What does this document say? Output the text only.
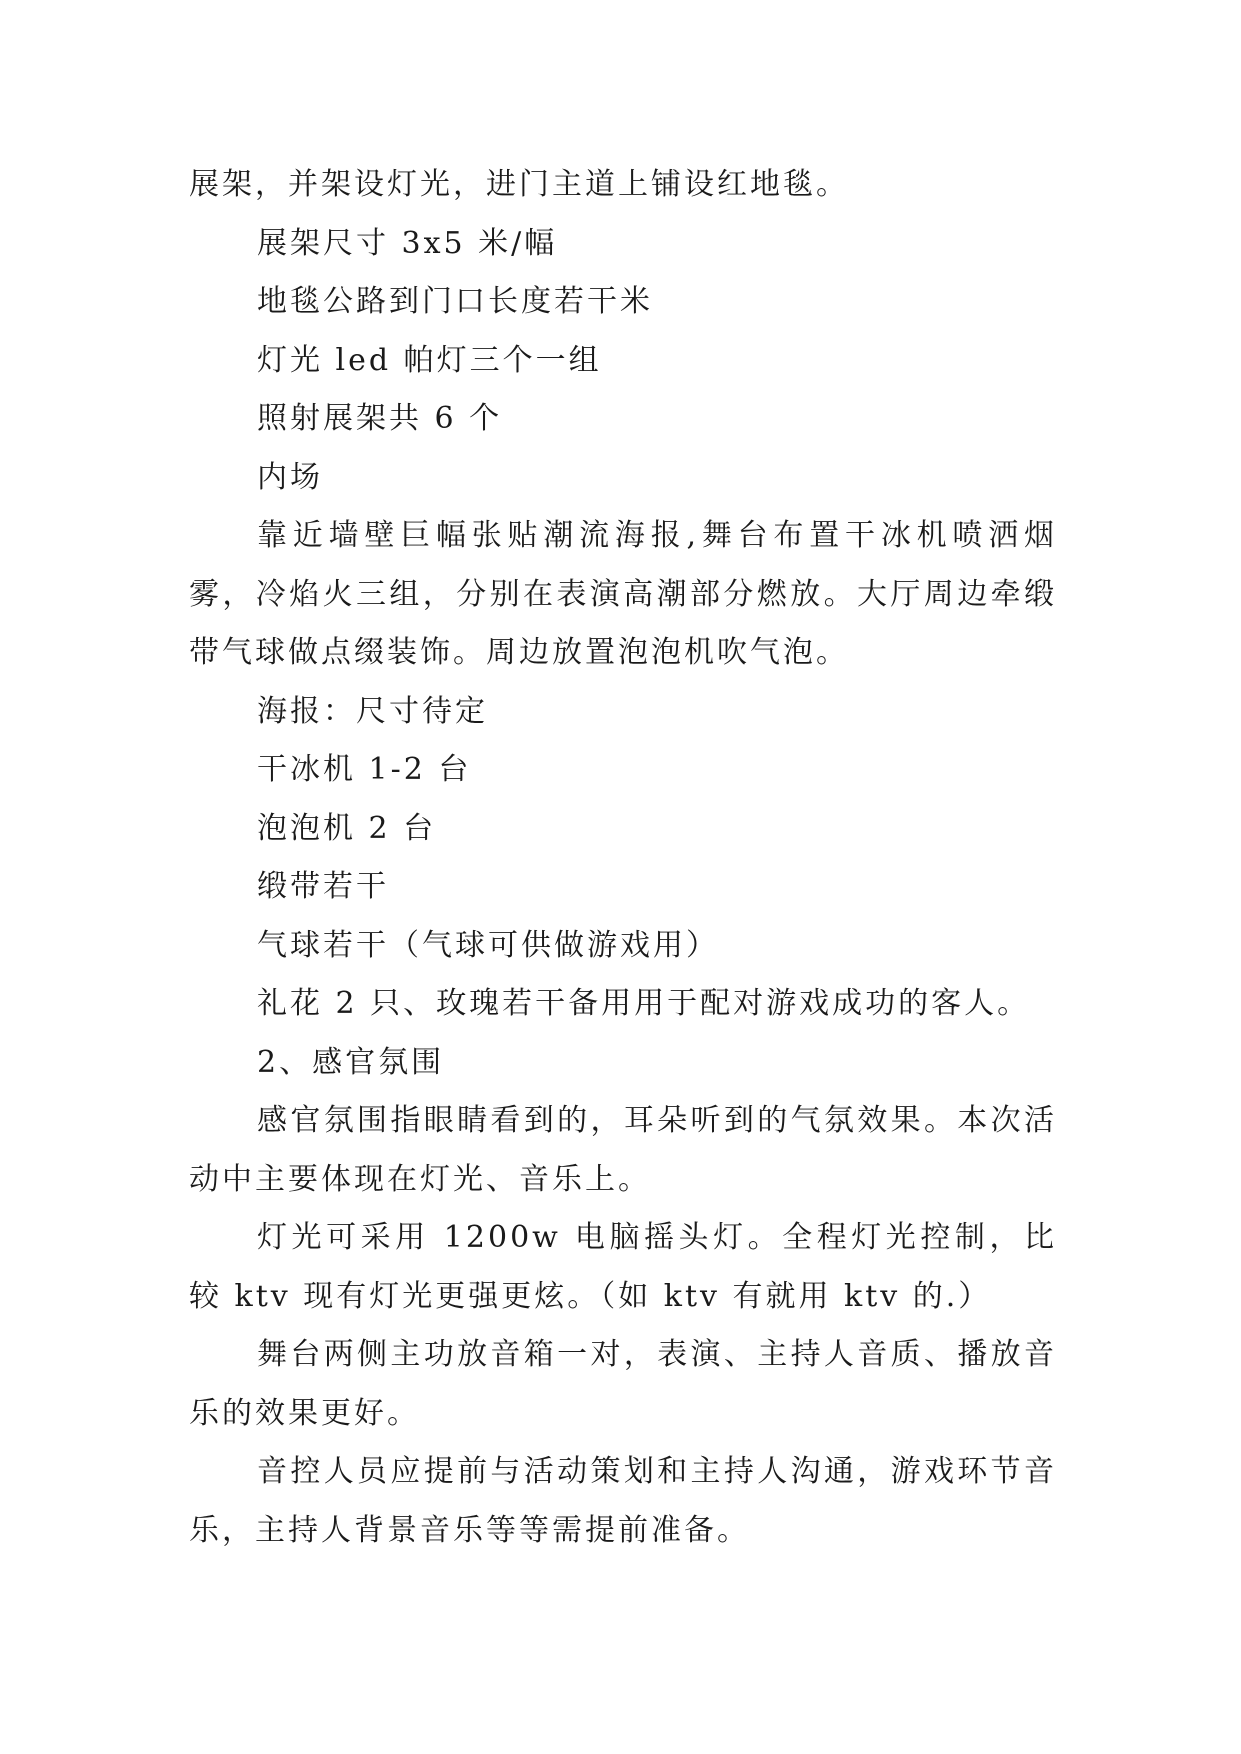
展架，并架设灯光，进门主道上铺设红地毯。

展架尺寸 3x5 米/幅

地毯公路到门口长度若干米

灯光 led 帕灯三个一组

照射展架共 6 个

内场

靠近墙壁巨幅张贴潮流海报,舞台布置干冰机喷洒烟雾，冷焰火三组，分别在表演高潮部分燃放。大厅周边牵缎带气球做点缀装饰。周边放置泡泡机吹气泡。

海报：尺寸待定

干冰机 1-2 台

泡泡机 2 台

缎带若干

气球若干（气球可供做游戏用）

礼花 2 只、玫瑰若干备用用于配对游戏成功的客人。

2、感官氛围

感官氛围指眼睛看到的，耳朵听到的气氛效果。本次活动中主要体现在灯光、音乐上。

灯光可采用 1200w 电脑摇头灯。全程灯光控制，比较 ktv 现有灯光更强更炫。（如 ktv 有就用 ktv 的.）

舞台两侧主功放音箱一对，表演、主持人音质、播放音乐的效果更好。

音控人员应提前与活动策划和主持人沟通，游戏环节音乐，主持人背景音乐等等需提前准备。
